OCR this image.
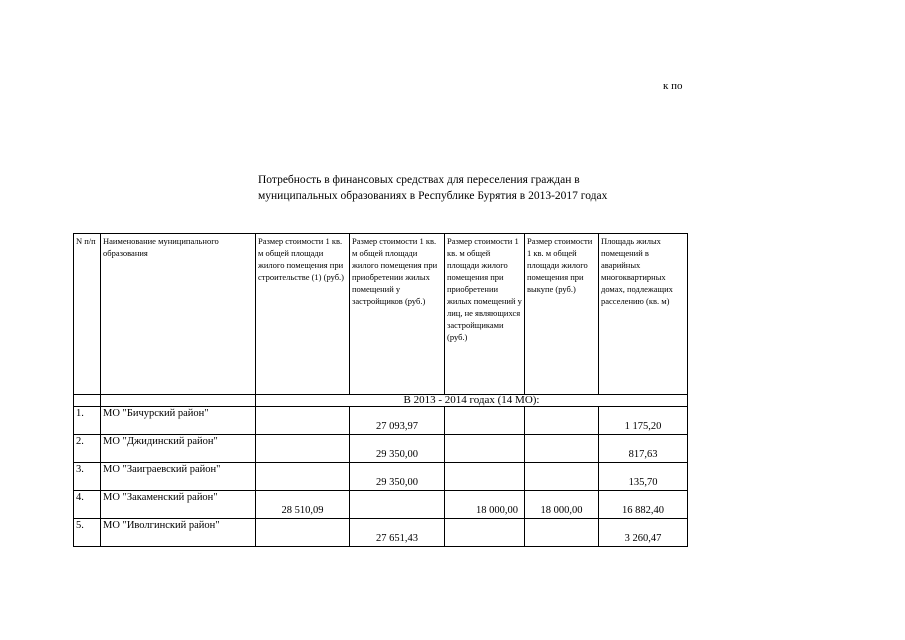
к по
Потребность в финансовых средствах для переселения граждан в
муниципальных образованиях в Республике Бурятия в 2013-2017 годах
N п/п	Наименование муниципального образования	Размер стоимости 1 кв. м общей площади жилого помещения при строительстве (1) (руб.)	Размер стоимости 1 кв. м общей площади жилого помещения при приобретении жилых помещений у застройщиков (руб.)	Размер стоимости 1 кв. м общей площади жилого помещения при приобретении жилых помещений у лиц, не являющихся застройщиками (руб.)	Размер стоимости 1 кв. м общей площади жилого помещения при выкупе (руб.)	Площадь жилых помещений в аварийных многоквартирных домах, подлежащих расселению (кв. м)
		В 2013 - 2014 годах (14 МО):				
1.	МО "Бичурский район"		27 093,97			1 175,20
2.	МО "Джидинский район"		29 350,00			817,63
3.	МО "Заиграевский район"		29 350,00			135,70
4.	МО "Закаменский район"	28 510,09		18 000,00	18 000,00	16 882,40
5.	МО "Иволгинский район"		27 651,43			3 260,47
